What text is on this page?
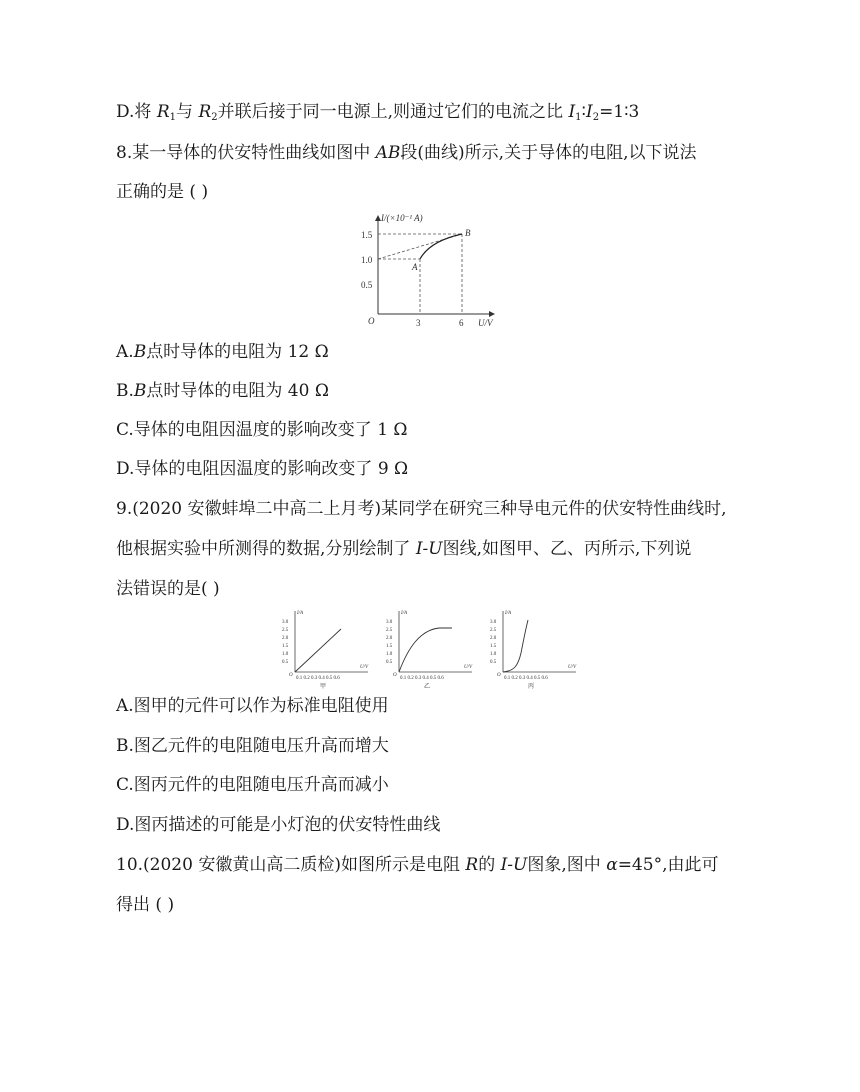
D.将 R1与 R2并联后接于同一电源上,则通过它们的电流之比 I1∶I2=1∶3
8.某一导体的伏安特性曲线如图中 AB段(曲线)所示,关于导体的电阻,以下说法
正确的是 ( )
I/(×10⁻¹ A)
U/V
O
1.5
1.0
0.5
3	6
A
B
A.B点时导体的电阻为 12 Ω
B.B点时导体的电阻为 40 Ω
C.导体的电阻因温度的影响改变了 1 Ω
D.导体的电阻因温度的影响改变了 9 Ω
9.(2020 安徽蚌埠二中高二上月考)某同学在研究三种导电元件的伏安特性曲线时,
他根据实验中所测得的数据,分别绘制了 I-U图线,如图甲、乙、丙所示,下列说
法错误的是( )
I/A
U/V
O
3.0
2.5
2.0
1.5
1.0
0.5
0.1 0.2 0.3 0.4 0.5 0.6
甲
I/A
U/V
O
3.0
2.5
2.0
1.5
1.0
0.5
0.1 0.2 0.3 0.4 0.5 0.6
乙
I/A
U/V
O
3.0
2.5
2.0
1.5
1.0
0.5
0.1 0.2 0.3 0.4 0.5 0.6
丙
A.图甲的元件可以作为标准电阻使用
B.图乙元件的电阻随电压升高而增大
C.图丙元件的电阻随电压升高而减小
D.图丙描述的可能是小灯泡的伏安特性曲线
10.(2020 安徽黄山高二质检)如图所示是电阻 R的 I-U图象,图中 α=45°,由此可
得出 ( )
